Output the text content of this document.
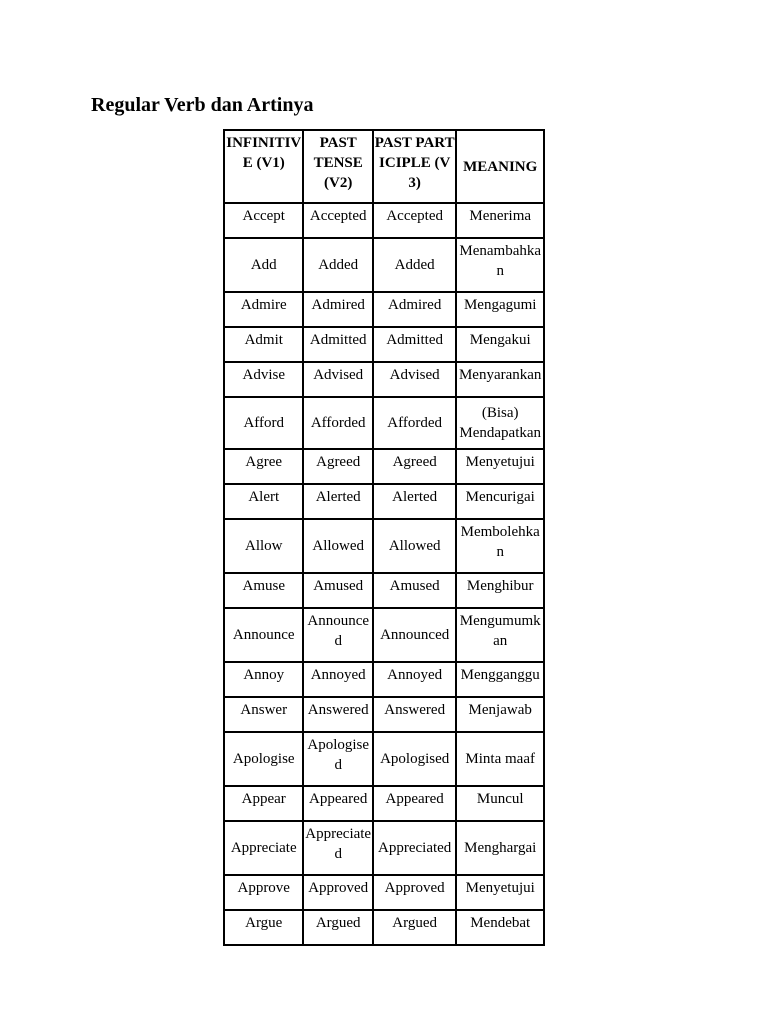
Regular Verb dan Artinya
INFINITIVE (V1)	PAST TENSE (V2)	PAST PARTICIPLE (V3)	MEANING
Accept	Accepted	Accepted	Menerima
Add	Added	Added	Menambahkan
Admire	Admired	Admired	Mengagumi
Admit	Admitted	Admitted	Mengakui
Advise	Advised	Advised	Menyarankan
Afford	Afforded	Afforded	(Bisa) Mendapatkan
Agree	Agreed	Agreed	Menyetujui
Alert	Alerted	Alerted	Mencurigai
Allow	Allowed	Allowed	Membolehkan
Amuse	Amused	Amused	Menghibur
Announce	Announced	Announced	Mengumumkan
Annoy	Annoyed	Annoyed	Mengganggu
Answer	Answered	Answered	Menjawab
Apologise	Apologised	Apologised	Minta maaf
Appear	Appeared	Appeared	Muncul
Appreciate	Appreciated	Appreciated	Menghargai
Approve	Approved	Approved	Menyetujui
Argue	Argued	Argued	Mendebat
